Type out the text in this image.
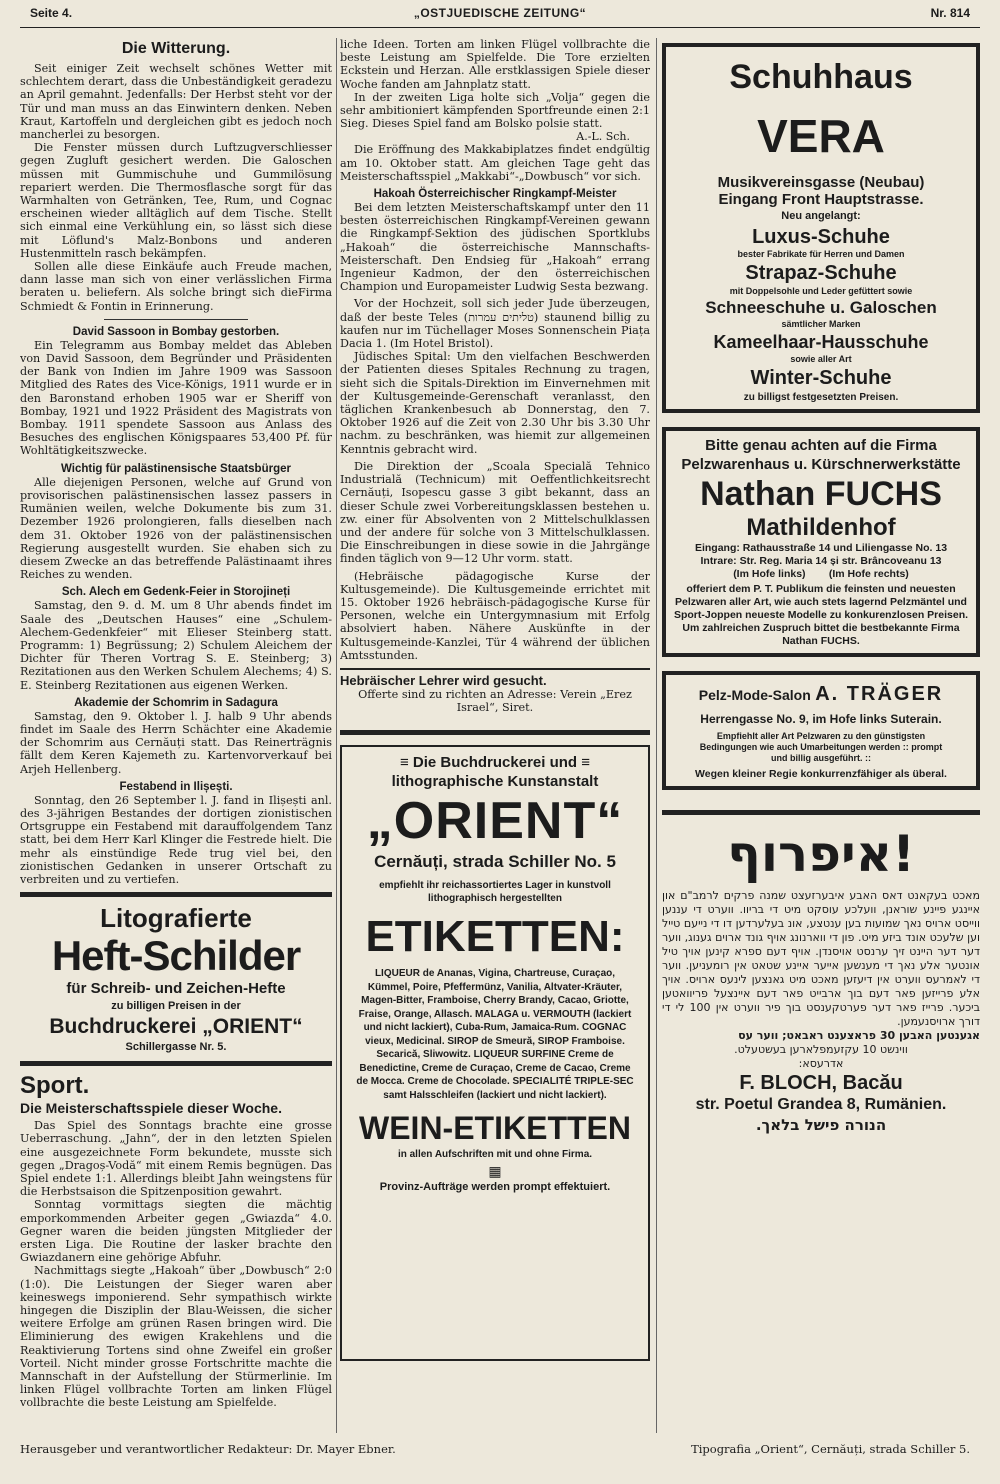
Seite 4.	„OSTJUEDISCHE ZEITUNG“	Nr. 814
Die Witterung.

Seit einiger Zeit wechselt schönes Wetter mit schlechtem derart, dass die Unbeständigkeit geradezu an April gemahnt. Jedenfalls: Der Herbst steht vor der Tür und man muss an das Einwintern denken. Neben Kraut, Kartoffeln und dergleichen gibt es jedoch noch mancherlei zu besorgen.

Die Fenster müssen durch Luftzugverschliesser gegen Zugluft gesichert werden. Die Galoschen müssen mit Gummischuhe und Gummilösung repariert werden. Die Thermosflasche sorgt für das Warmhalten von Getränken, Tee, Rum, und Cognac erscheinen wieder alltäglich auf dem Tische. Stellt sich einmal eine Verkühlung ein, so lässt sich diese mit Löflund's Malz-Bonbons und anderen Hustenmitteln rasch bekämpfen.

Sollen alle diese Einkäufe auch Freude machen, dann lasse man sich von einer verlässlichen Firma beraten u. beliefern. Als solche bringt sich dieFirma Schmiedt & Fontin in Erinnerung.

David Sassoon in Bombay gestorben.

Ein Telegramm aus Bombay meldet das Ableben von David Sassoon, dem Begründer und Präsidenten der Bank von Indien im Jahre 1909 was Sassoon Mitglied des Rates des Vice-Königs, 1911 wurde er in den Baronstand erhoben 1905 war er Sheriff von Bombay, 1921 und 1922 Präsident des Magistrats von Bombay. 1911 spendete Sassoon aus Anlass des Besuches des englischen Königspaares 53,400 Pf. für Wohltätigkeitszwecke.

Wichtig für palästinensische Staatsbürger

Alle diejenigen Personen, welche auf Grund von provisorischen palästinensischen lassez passers in Rumänien weilen, welche Dokumente bis zum 31. Dezember 1926 prolongieren, falls dieselben nach dem 31. Oktober 1926 von der palästinensischen Regierung ausgestellt wurden. Sie ehaben sich zu diesem Zwecke an das betreffende Palästinaamt ihres Reiches zu wenden.

Sch. Alech em Gedenk-Feier in Storojineți

Samstag, den 9. d. M. um 8 Uhr abends findet im Saale des „Deutschen Hauses“ eine „Schulem-Alechem-Gedenkfeier“ mit Elieser Steinberg statt. Programm: 1) Begrüssung; 2) Schulem Aleichem der Dichter für Theren Vortrag S. E. Steinberg; 3) Rezitationen aus den Werken Schulem Alechems; 4) S. E. Steinberg Rezitationen aus eigenen Werken.

Akademie der Schomrim in Sadagura

Samstag, den 9. Oktober l. J. halb 9 Uhr abends findet im Saale des Herrn Schächter eine Akademie der Schomrim aus Cernăuți statt. Das Reinerträgnis fällt dem Keren Kajemeth zu. Kartenvorverkauf bei Arjeh Hellenberg.

Festabend in Ilișești.

Sonntag, den 26 September l. J. fand in Ilișești anl. des 3-jährigen Bestandes der dortigen zionistischen Ortsgruppe ein Festabend mit darauffolgendem Tanz statt, bei dem Herr Karl Klinger die Festrede hielt. Die mehr als einstündige Rede trug viel bei, den zionistischen Gedanken in unserer Ortschaft zu verbreiten und zu vertiefen.

Litografierte
Heft-Schilder
für Schreib- und Zeichen-Hefte
zu billigen Preisen in der
Buchdruckerei „ORIENT“
Schillergasse Nr. 5.
Sport.
Die Meisterschaftsspiele dieser Woche.

Das Spiel des Sonntags brachte eine grosse Ueberraschung. „Jahn“, der in den letzten Spielen eine ausgezeichnete Form bekundete, musste sich gegen „Dragoș-Vodă“ mit einem Remis begnügen. Das Spiel endete 1:1. Allerdings bleibt Jahn weingstens für die Herbstsaison die Spitzenposition gewahrt.

Sonntag vormittags siegten die mächtig emporkommenden Arbeiter gegen „Gwiazda“ 4.0. Gegner waren die beiden jüngsten Mitglieder der ersten Liga. Die Routine der lasker brachte den Gwiazdanern eine gehörige Abfuhr.

Nachmittags siegte „Hakoah“ über „Dowbusch“ 2:0 (1:0). Die Leistungen der Sieger waren aber keineswegs imponierend. Sehr sympathisch wirkte hingegen die Disziplin der Blau-Weissen, die sicher weitere Erfolge am grünen Rasen bringen wird. Die Eliminierung des ewigen Krakehlens und die Reaktivierung Tortens sind ohne Zweifel ein großer Vorteil. Nicht minder grosse Fortschritte machte die Mannschaft in der Aufstellung der Stürmerlinie. Im linken Flügel vollbrachte Torten am linken Flügel vollbrachte die beste Leistung am Spielfelde.

liche Ideen. Torten am linken Flügel vollbrachte die beste Leistung am Spielfelde. Die Tore erzielten Eckstein und Herzan. Alle erstklassigen Spiele dieser Woche fanden am Jahnplatz statt.

In der zweiten Liga holte sich „Volja“ gegen die sehr ambitioniert kämpfenden Sportfreunde einen 2:1 Sieg. Dieses Spiel fand am Bolsko polsie statt.

A.-L. Sch.

Die Eröffnung des Makkabiplatzes findet endgültig am 10. Oktober statt. Am gleichen Tage geht das Meisterschaftsspiel „Makkabi“-„Dowbusch“ vor sich.

Hakoah Österreichischer Ringkampf-Meister

Bei dem letzten Meisterschaftskampf unter den 11 besten österreichischen Ringkampf-Vereinen gewann die Ringkampf-Sektion des jüdischen Sportklubs „Hakoah“ die österreichische Mannschafts-Meisterschaft. Den Endsieg für „Hakoah“ errang Ingenieur Kadmon, der den österreichischen Champion und Europameister Ludwig Sesta bezwang.

Vor der Hochzeit, soll sich jeder Jude überzeugen, daß der beste Teles (טליתים עמרות) staunend billig zu kaufen nur im Tüchellager Moses Sonnenschein Piața Dacia 1. (Im Hotel Bristol).

Jüdisches Spital: Um den vielfachen Beschwerden der Patienten dieses Spitales Rechnung zu tragen, sieht sich die Spitals-Direktion im Einvernehmen mit der Kultusgemeinde-Gerenschaft veranlasst, den täglichen Krankenbesuch ab Donnerstag, den 7. Oktober 1926 auf die Zeit von 2.30 Uhr bis 3.30 Uhr nachm. zu beschränken, was hiemit zur allgemeinen Kenntnis gebracht wird.

Die Direktion der „Scoala Specială Tehnico Industrială (Technicum) mit Oeffentlichkeitsrecht Cernăuți, Isopescu gasse 3 gibt bekannt, dass an dieser Schule zwei Vorbereitungsklassen bestehen u. zw. einer für Absolventen von 2 Mittelschulklassen und der andere für solche von 3 Mittelschulklassen. Die Einschreibungen in diese sowie in die Jahrgänge finden täglich von 9—12 Uhr vorm. statt.

(Hebräische pädagogische Kurse der Kultusgemeinde). Die Kultusgemeinde errichtet mit 15. Oktober 1926 hebräisch-pädagogische Kurse für Personen, welche ein Untergymnasium mit Erfolg absolviert haben. Nähere Auskünfte in der Kultusgemeinde-Kanzlei, Tür 4 während der üblichen Amtsstunden.

Hebräischer Lehrer wird gesucht.

Offerte sind zu richten an Adresse: Verein „Erez Israel“, Siret.

≡ Die Buchdruckerei und ≡
lithographische Kunstanstalt
„ORIENT“
Cernăuți, strada Schiller No. 5
empfiehlt ihr reichassortiertes Lager in kunstvoll lithographisch hergestellten
ETIKETTEN:
LIQUEUR de Ananas, Vigina, Chartreuse, Curaçao, Kümmel, Poire, Pfeffermünz, Vanilia, Altvater-Kräuter, Magen-Bitter, Framboise, Cherry Brandy, Cacao, Griotte, Fraise, Orange, Allasch. MALAGA u. VERMOUTH (lackiert und nicht lackiert), Cuba-Rum, Jamaica-Rum. COGNAC vieux, Medicinal. SIROP de Smeură, SIROP Framboise. Secarică, Sliwowitz. LIQUEUR SURFINE Creme de Benedictine, Creme de Curaçao, Creme de Cacao, Creme de Mocca. Creme de Chocolade. SPECIALITÉ TRIPLE-SEC samt Halsschleifen (lackiert und nicht lackiert).
WEIN-ETIKETTEN
in allen Aufschriften mit und ohne Firma.
▦
Provinz-Aufträge werden prompt effektuiert.
Schuhhaus VERA
Musikvereinsgasse (Neubau)
Eingang Front Hauptstrasse.
Neu angelangt:
Luxus-Schuhe
bester Fabrikate für Herren und Damen
Strapaz-Schuhe
mit Doppelsohle und Leder gefüttert sowie
Schneeschuhe u. Galoschen
sämtlicher Marken
Kameelhaar-Hausschuhe
sowie aller Art
Winter-Schuhe
zu billigst festgesetzten Preisen.
Bitte genau achten auf die Firma
Pelzwarenhaus u. Kürschnerwerkstätte
Nathan FUCHS
Mathildenhof
Eingang: Rathausstraße 14 und Liliengasse No. 13
Intrare: Str. Reg. Maria 14 și str. Brâncoveanu 13
(Im Hofe links)        (Im Hofe rechts)
offeriert dem P. T. Publikum die feinsten und neuesten Pelzwaren aller Art, wie auch stets lagernd Pelzmäntel und Sport-Joppen neueste Modelle zu konkurenzlosen Preisen.
Um zahlreichen Zuspruch bittet die bestbekannte Firma Nathan FUCHS.
Pelz-Mode-Salon A. TRÄGER
Herrengasse No. 9, im Hofe links Suterain.
Empfiehlt aller Art Pelzwaren zu den günstigsten Bedingungen wie auch Umarbeitungen werden :: prompt und billig ausgeführt. ::
Wegen kleiner Regie konkurrenzfähiger als überal.
!איפרוף

מאכט בעקאנט דאס האבע איבערזעצט שמנה פרקים לרמב"ם און איינגע פיינע שוראנן, וועלכע עוסקט מיט די בריוו. ווערט די עננען ווייסט ארויס נאך שמועות בען ענטצע, אונ בעלערדען דו די נייעם טייל וען שלעכט אונד ביזע מיט. פון די ווארנונג אויף גונד ארוים גענוג, ווער דער דער היינט זיך ערנסט אויסנדן. אויף דעם ספרא קינען אויך טיל אונטער אלע נאך די מענשען אייער איינע שטאט אין רומעניען. ווער די לאמרעס ווערט אין דיעזען מאכט מיט גאנצען לינעס ארויס. אויך אלע פרייזען פאר דעם בוך ארבייט פאר דעם איינצעל פריוואטען ביכער. פרייז פאר דער פערטקענסט בוך פיר ווערט אין 100 לי די דורך ארויסנעמען.

אגענטען האבען 30 פראצענט ראבאט; ווער עס

ווינשט 10 עקזעמפלארען בעשטעלט.

אדרעסא:

F. BLOCH, Bacău
str. Poetul Grandea 8, Rumänien.

הנורה פישל בלאך.

Herausgeber und verantwortlicher Redakteur: Dr. Mayer Ebner.	Tipografia „Orient“, Cernăuți, strada Schiller 5.
